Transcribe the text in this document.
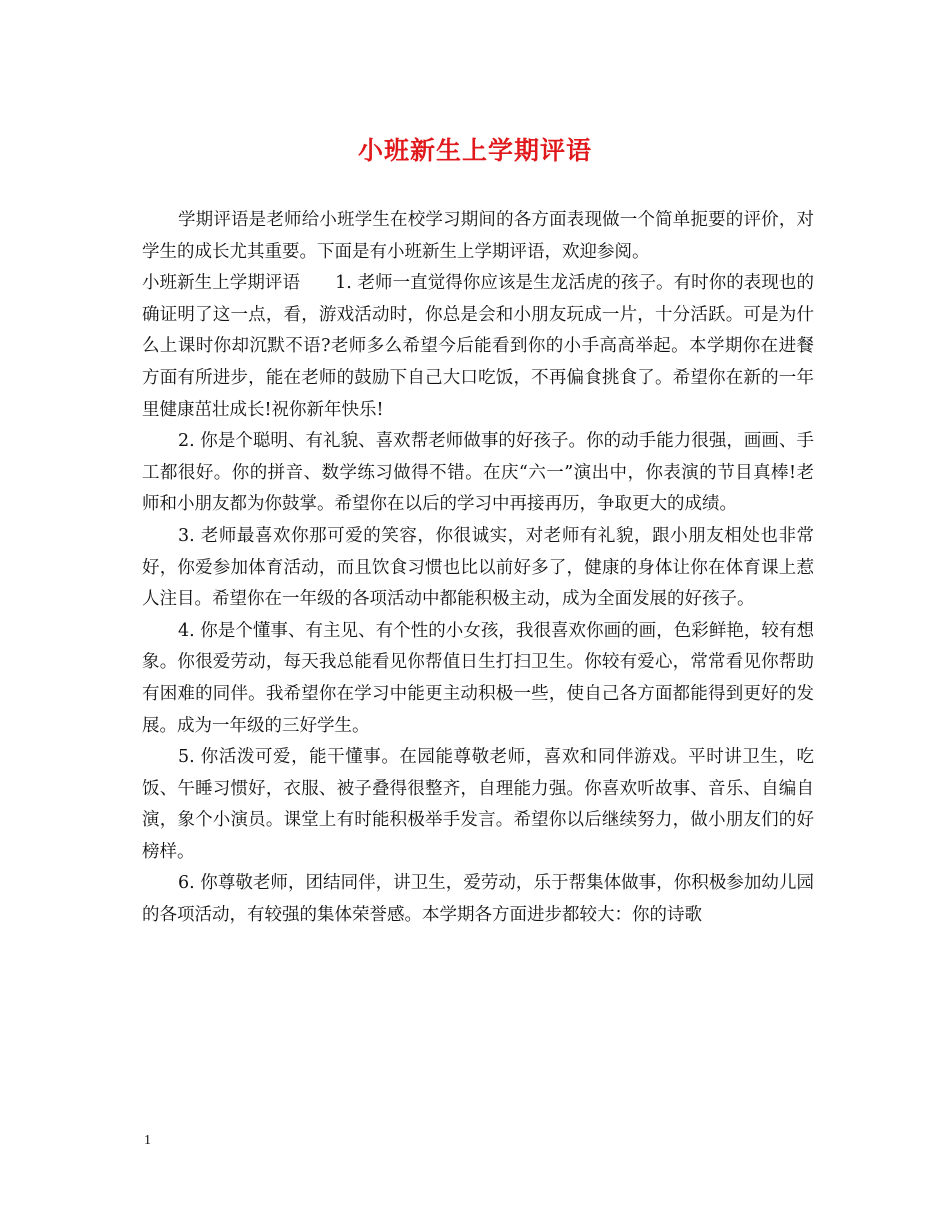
小班新生上学期评语

学期评语是老师给小班学生在校学习期间的各方面表现做一个简单扼要的评价，对学生的成长尤其重要。下面是有小班新生上学期评语，欢迎参阅。

小班新生上学期评语　　1. 老师一直觉得你应该是生龙活虎的孩子。有时你的表现也的确证明了这一点，看，游戏活动时，你总是会和小朋友玩成一片，十分活跃。可是为什么上课时你却沉默不语?老师多么希望今后能看到你的小手高高举起。本学期你在进餐方面有所进步，能在老师的鼓励下自己大口吃饭，不再偏食挑食了。希望你在新的一年里健康茁壮成长!祝你新年快乐!

2. 你是个聪明、有礼貌、喜欢帮老师做事的好孩子。你的动手能力很强，画画、手工都很好。你的拼音、数学练习做得不错。在庆“六一”演出中，你表演的节目真棒!老师和小朋友都为你鼓掌。希望你在以后的学习中再接再历，争取更大的成绩。

3. 老师最喜欢你那可爱的笑容，你很诚实，对老师有礼貌，跟小朋友相处也非常好，你爱参加体育活动，而且饮食习惯也比以前好多了，健康的身体让你在体育课上惹人注目。希望你在一年级的各项活动中都能积极主动，成为全面发展的好孩子。

4. 你是个懂事、有主见、有个性的小女孩，我很喜欢你画的画，色彩鲜艳，较有想象。你很爱劳动，每天我总能看见你帮值日生打扫卫生。你较有爱心，常常看见你帮助有困难的同伴。我希望你在学习中能更主动积极一些，使自己各方面都能得到更好的发展。成为一年级的三好学生。

5. 你活泼可爱，能干懂事。在园能尊敬老师，喜欢和同伴游戏。平时讲卫生，吃饭、午睡习惯好，衣服、被子叠得很整齐，自理能力强。你喜欢听故事、音乐、自编自演，象个小演员。课堂上有时能积极举手发言。希望你以后继续努力，做小朋友们的好榜样。

6. 你尊敬老师，团结同伴，讲卫生，爱劳动，乐于帮集体做事，你积极参加幼儿园的各项活动，有较强的集体荣誉感。本学期各方面进步都较大：你的诗歌

1
